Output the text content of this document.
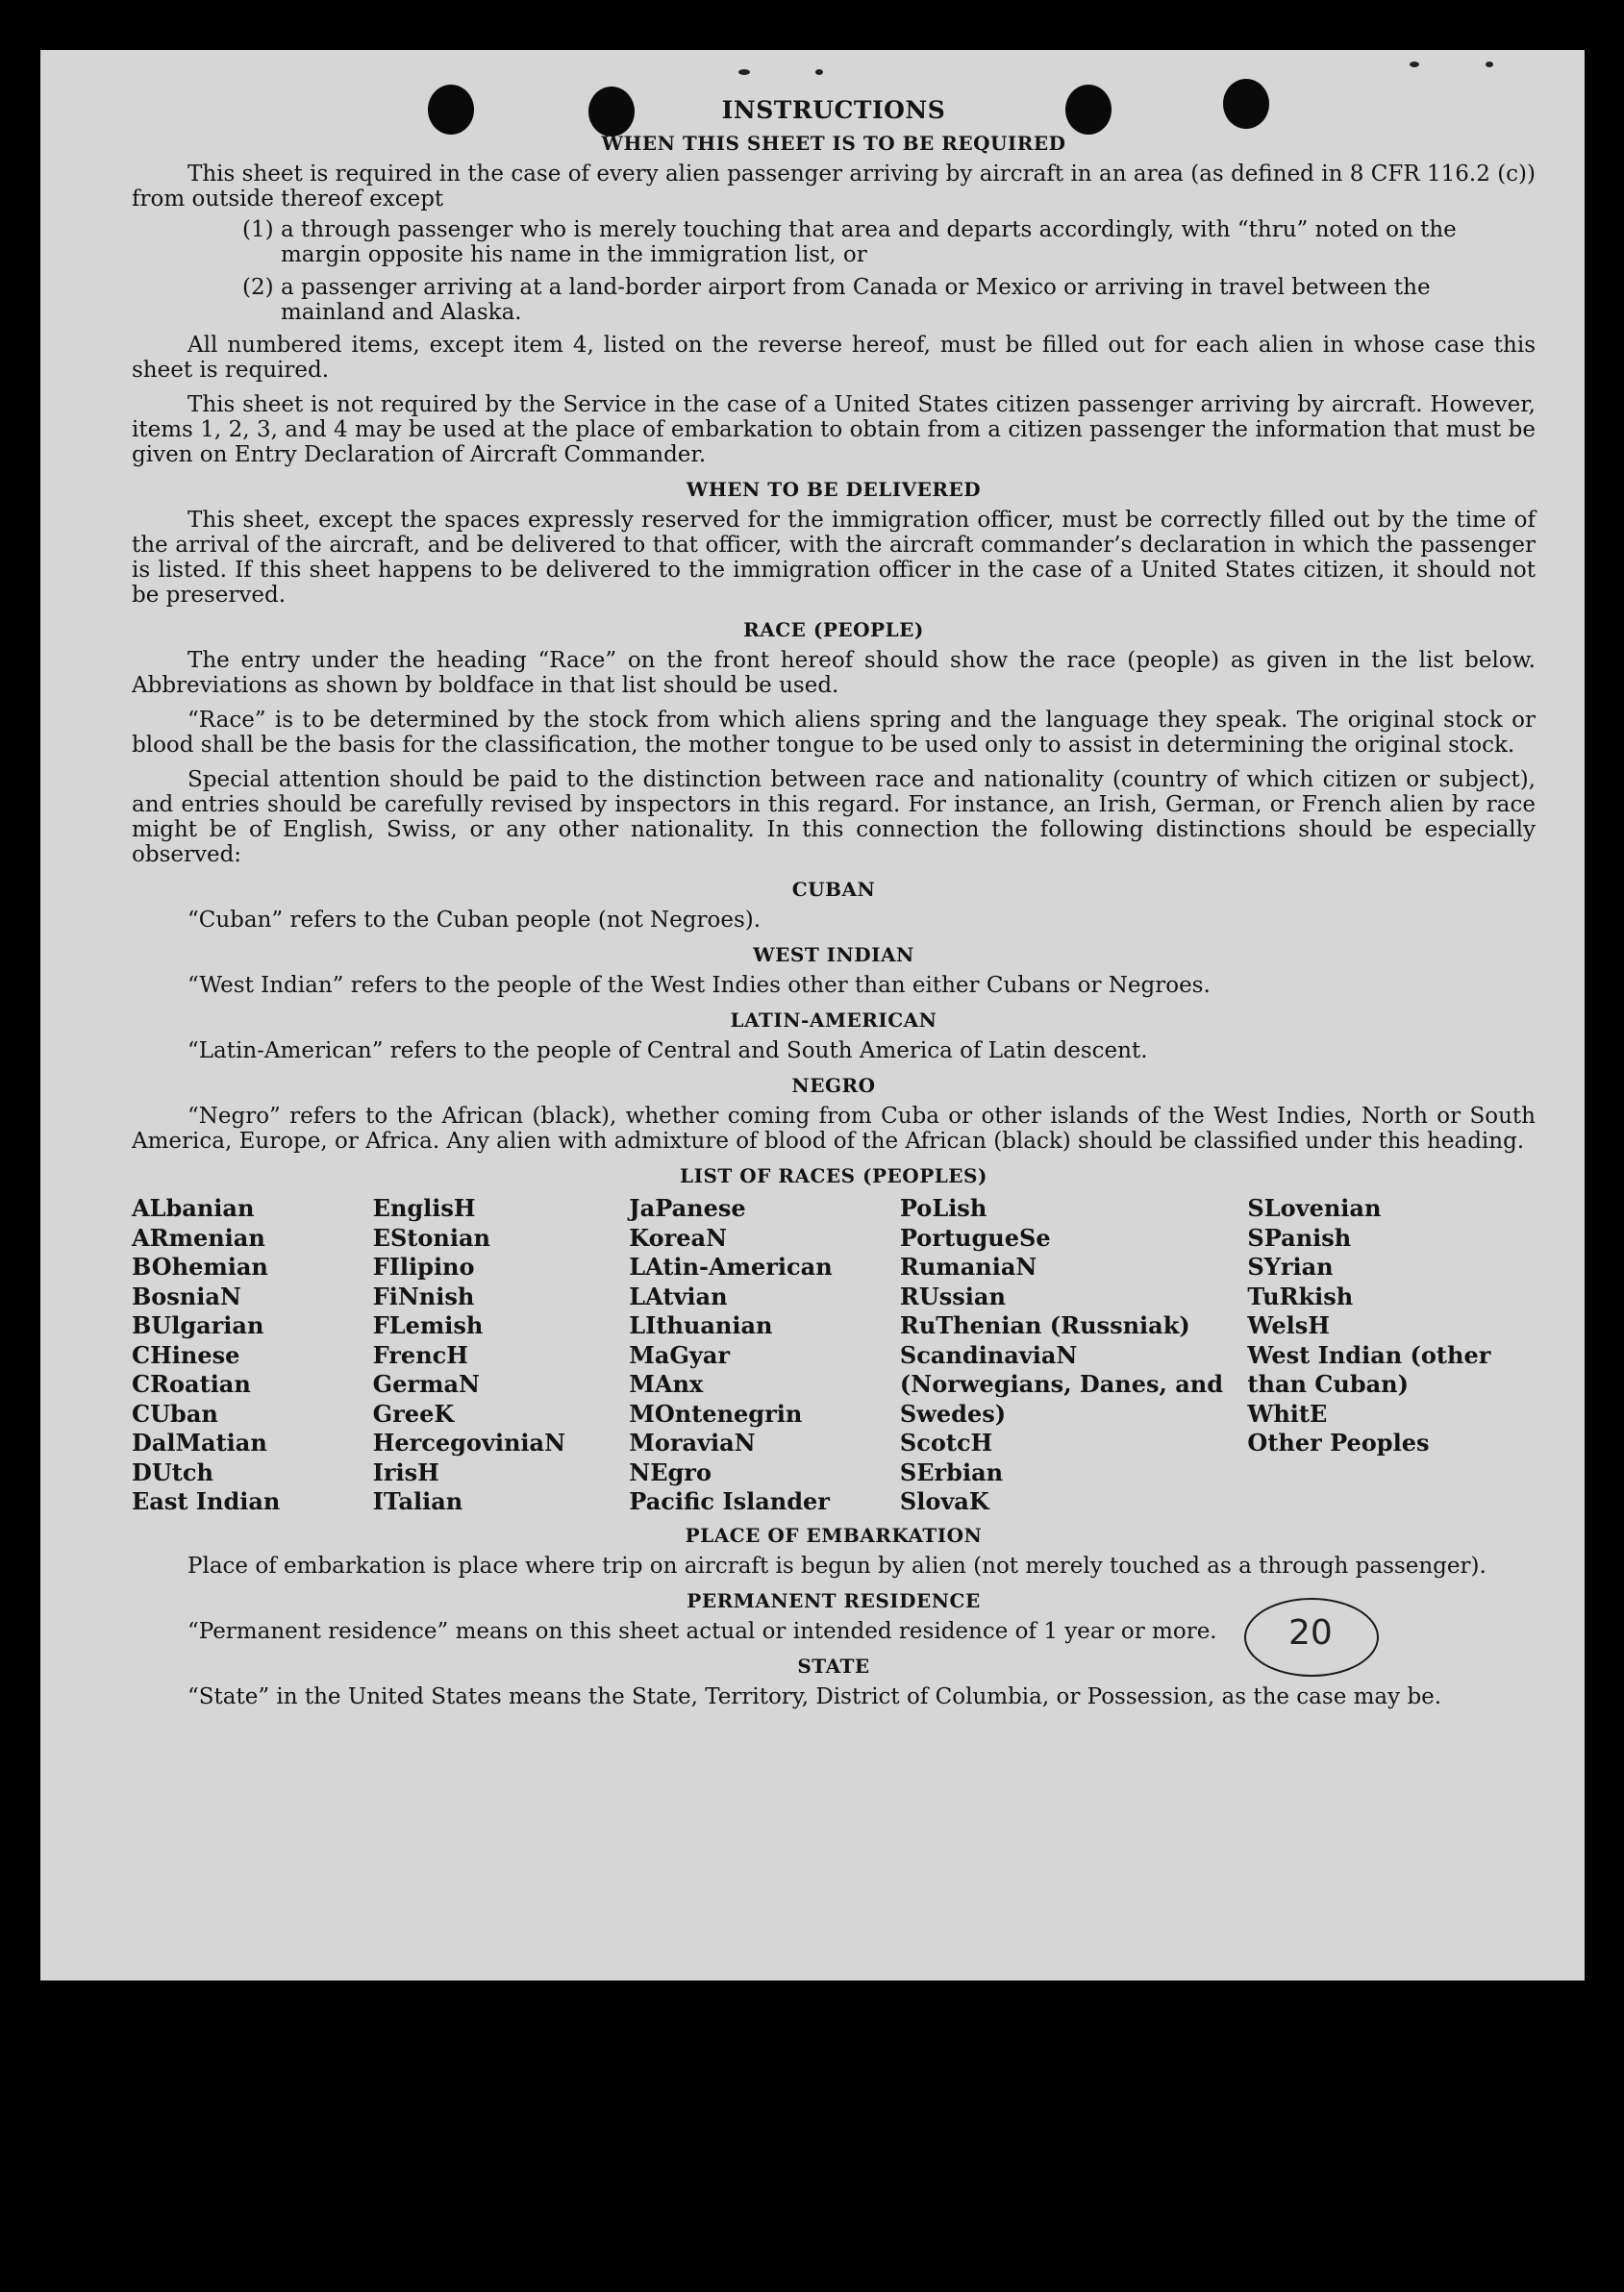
20
INSTRUCTIONS
WHEN THIS SHEET IS TO BE REQUIRED

This sheet is required in the case of every alien passenger arriving by aircraft in an area (as defined in 8 CFR 116.2 (c)) from outside thereof except

(1) a through passenger who is merely touching that area and departs accordingly, with “thru” noted on the margin opposite his name in the immigration list, or
(2) a passenger arriving at a land-border airport from Canada or Mexico or arriving in travel between the mainland and Alaska.

All numbered items, except item 4, listed on the reverse hereof, must be filled out for each alien in whose case this sheet is required.

This sheet is not required by the Service in the case of a United States citizen passenger arriving by aircraft. However, items 1, 2, 3, and 4 may be used at the place of embarkation to obtain from a citizen passenger the information that must be given on Entry Declaration of Aircraft Commander.

WHEN TO BE DELIVERED

This sheet, except the spaces expressly reserved for the immigration officer, must be correctly filled out by the time of the arrival of the aircraft, and be delivered to that officer, with the aircraft commander’s declaration in which the passenger is listed. If this sheet happens to be delivered to the immigration officer in the case of a United States citizen, it should not be preserved.

RACE (PEOPLE)

The entry under the heading “Race” on the front hereof should show the race (people) as given in the list below. Abbreviations as shown by boldface in that list should be used.

“Race” is to be determined by the stock from which aliens spring and the language they speak. The original stock or blood shall be the basis for the classification, the mother tongue to be used only to assist in determining the original stock.

Special attention should be paid to the distinction between race and nationality (country of which citizen or subject), and entries should be carefully revised by inspectors in this regard. For instance, an Irish, German, or French alien by race might be of English, Swiss, or any other nationality. In this connection the following distinctions should be especially observed:

CUBAN

“Cuban” refers to the Cuban people (not Negroes).

WEST INDIAN

“West Indian” refers to the people of the West Indies other than either Cubans or Negroes.

LATIN-AMERICAN

“Latin-American” refers to the people of Central and South America of Latin descent.

NEGRO

“Negro” refers to the African (black), whether coming from Cuba or other islands of the West Indies, North or South America, Europe, or Africa. Any alien with admixture of blood of the African (black) should be classified under this heading.

LIST OF RACES (PEOPLES)
ALbanian
ARmenian
BOhemian
BosniaN
BUlgarian
CHinese
CRoatian
CUban
DalMatian
DUtch
East Indian
EnglisH
EStonian
FIlipino
FiNnish
FLemish
FrencH
GermaN
GreeK
HercegoviniaN
IrisH
ITalian
JaPanese
KoreaN
LAtin-American
LAtvian
LIthuanian
MaGyar
MAnx
MOntenegrin
MoraviaN
NEgro
Pacific Islander
PoLish
PortugueSe
RumaniaN
RUssian
RuThenian (Russniak)
ScandinaviaN (Norwegians, Danes, and Swedes)
ScotcH
SErbian
SlovaK
SLovenian
SPanish
SYrian
TuRkish
WelsH
West Indian (other than Cuban)
WhitE
Other Peoples
PLACE OF EMBARKATION

Place of embarkation is place where trip on aircraft is begun by alien (not merely touched as a through passenger).

PERMANENT RESIDENCE

“Permanent residence” means on this sheet actual or intended residence of 1 year or more.

STATE

“State” in the United States means the State, Territory, District of Columbia, or Possession, as the case may be.
